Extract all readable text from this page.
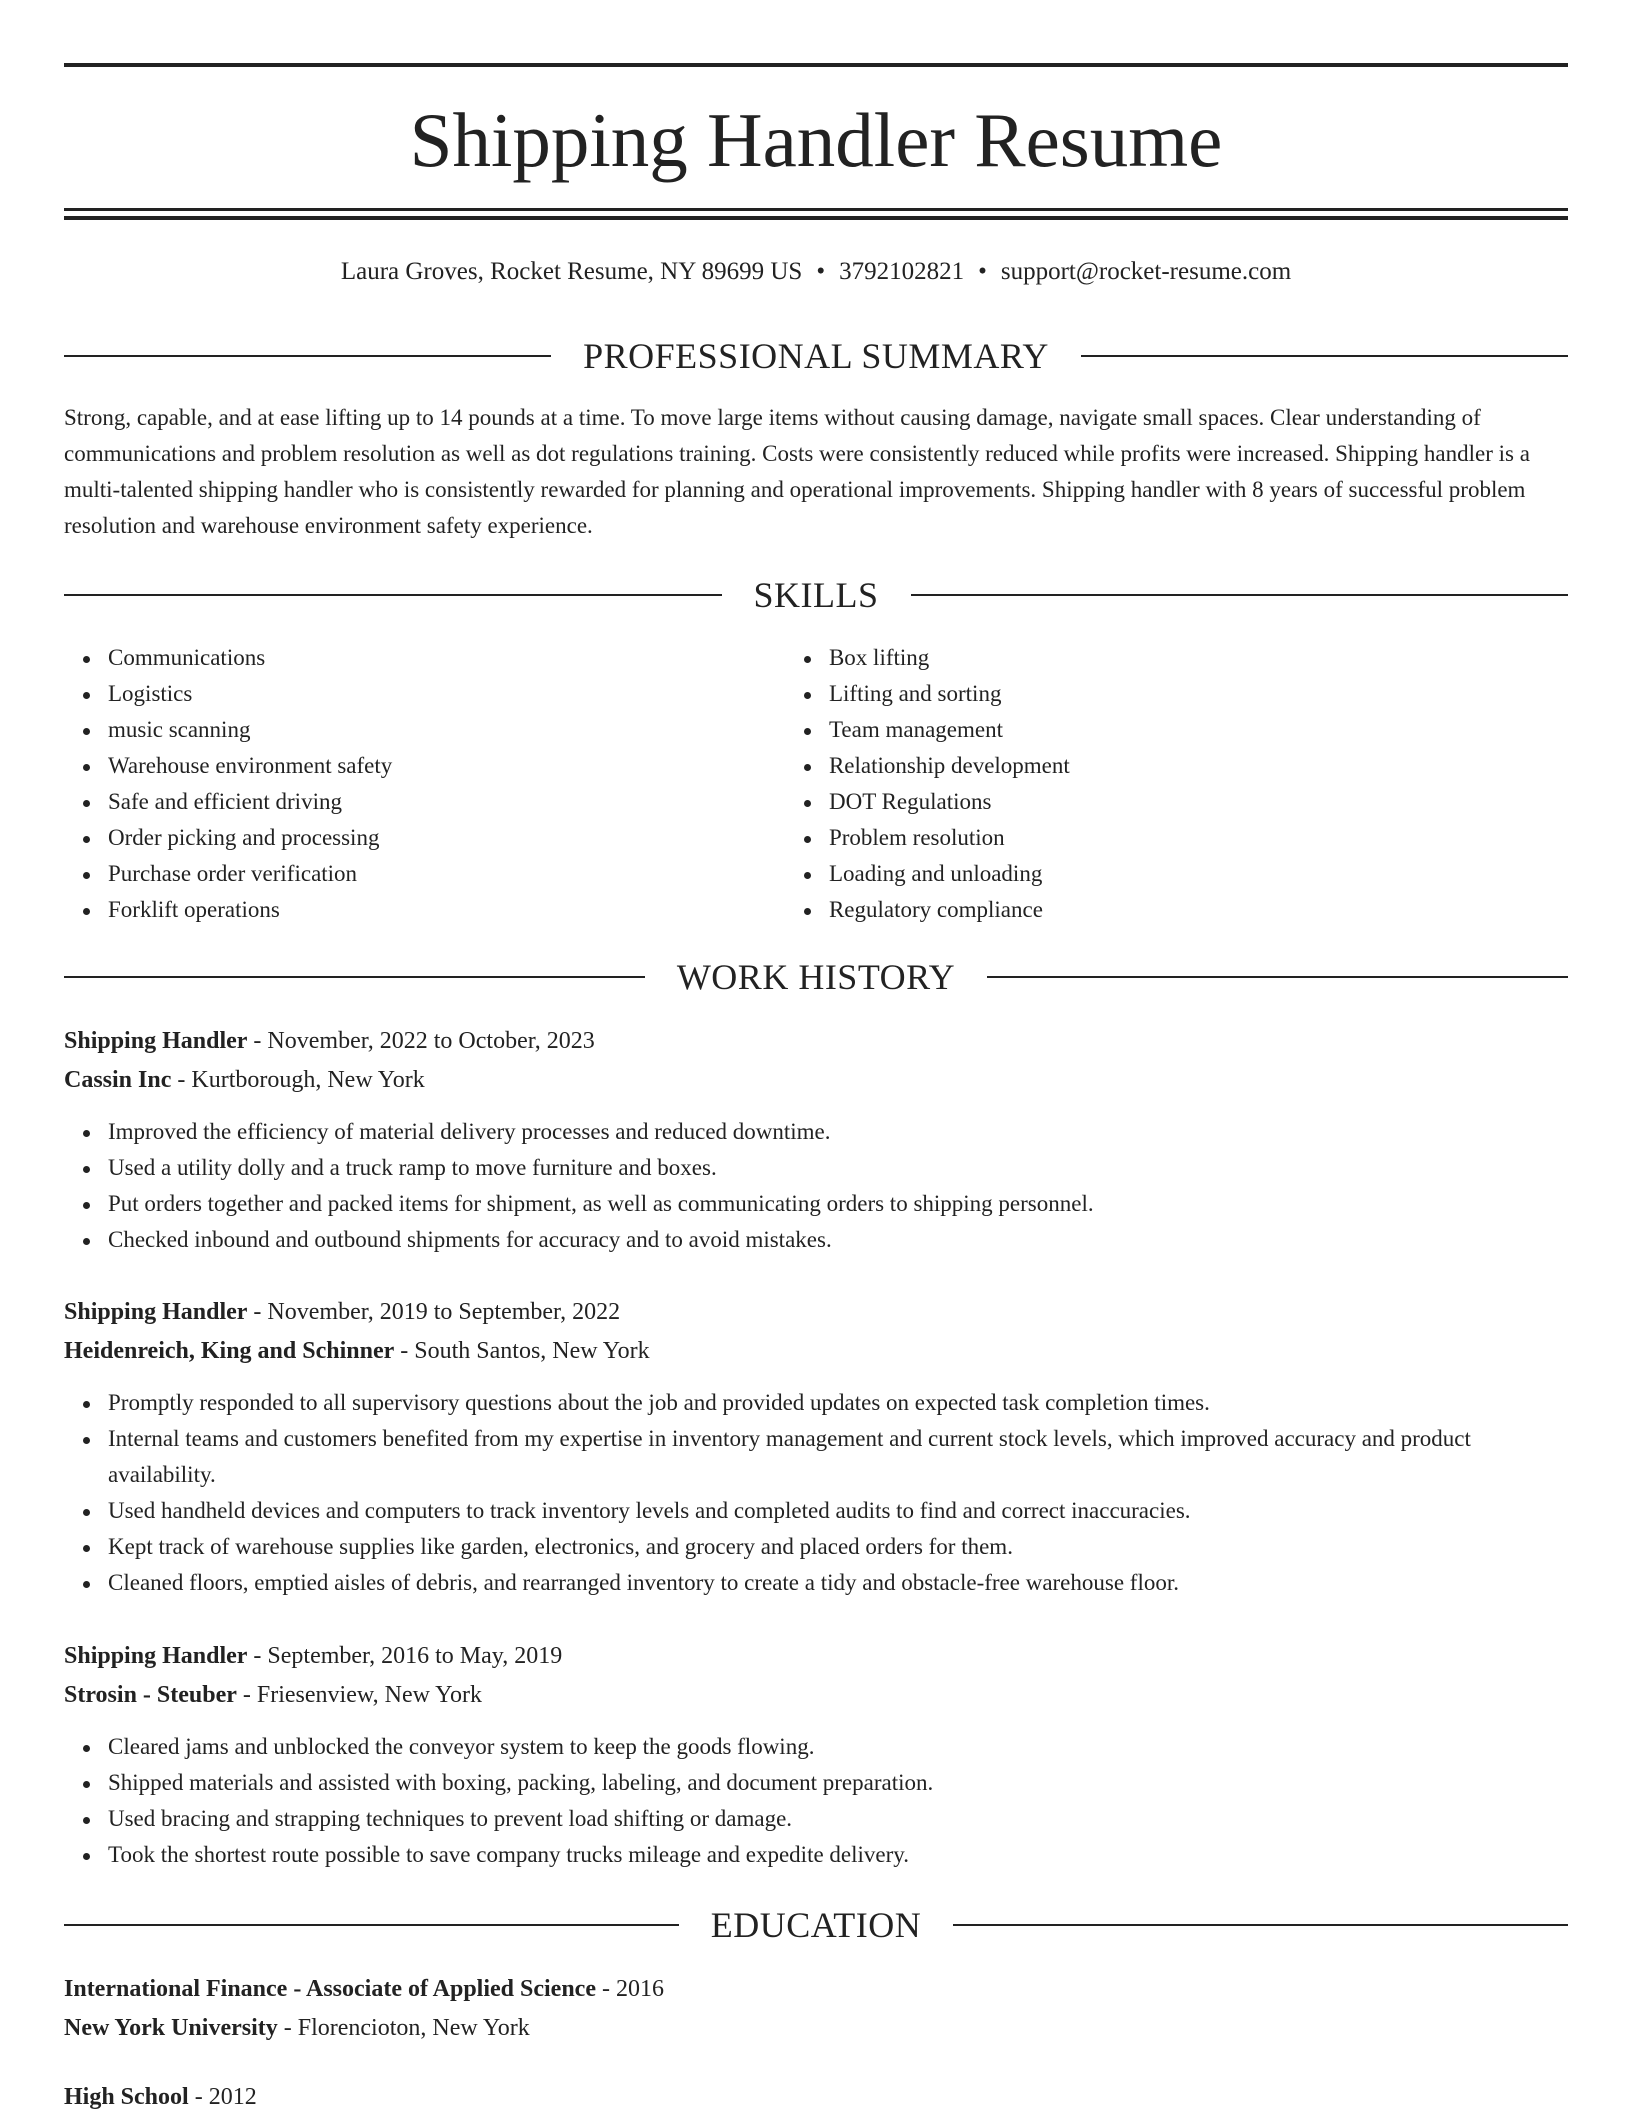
Shipping Handler Resume
Laura Groves, Rocket Resume, NY 89699 US • 3792102821 • support@rocket-resume.com
PROFESSIONAL SUMMARY

Strong, capable, and at ease lifting up to 14 pounds at a time. To move large items without causing damage, navigate small spaces. Clear understanding of communications and problem resolution as well as dot regulations training. Costs were consistently reduced while profits were increased. Shipping handler is a multi-talented shipping handler who is consistently rewarded for planning and operational improvements. Shipping handler with 8 years of successful problem resolution and warehouse environment safety experience.

SKILLS
Communications
Logistics
music scanning
Warehouse environment safety
Safe and efficient driving
Order picking and processing
Purchase order verification
Forklift operations
Box lifting
Lifting and sorting
Team management
Relationship development
DOT Regulations
Problem resolution
Loading and unloading
Regulatory compliance
WORK HISTORY
Shipping Handler - November, 2022 to October, 2023
Cassin Inc - Kurtborough, New York
Improved the efficiency of material delivery processes and reduced downtime.
Used a utility dolly and a truck ramp to move furniture and boxes.
Put orders together and packed items for shipment, as well as communicating orders to shipping personnel.
Checked inbound and outbound shipments for accuracy and to avoid mistakes.
Shipping Handler - November, 2019 to September, 2022
Heidenreich, King and Schinner - South Santos, New York
Promptly responded to all supervisory questions about the job and provided updates on expected task completion times.
Internal teams and customers benefited from my expertise in inventory management and current stock levels, which improved accuracy and product availability.
Used handheld devices and computers to track inventory levels and completed audits to find and correct inaccuracies.
Kept track of warehouse supplies like garden, electronics, and grocery and placed orders for them.
Cleaned floors, emptied aisles of debris, and rearranged inventory to create a tidy and obstacle-free warehouse floor.
Shipping Handler - September, 2016 to May, 2019
Strosin - Steuber - Friesenview, New York
Cleared jams and unblocked the conveyor system to keep the goods flowing.
Shipped materials and assisted with boxing, packing, labeling, and document preparation.
Used bracing and strapping techniques to prevent load shifting or damage.
Took the shortest route possible to save company trucks mileage and expedite delivery.
EDUCATION
International Finance - Associate of Applied Science - 2016
New York University - Florencioton, New York
High School - 2012
